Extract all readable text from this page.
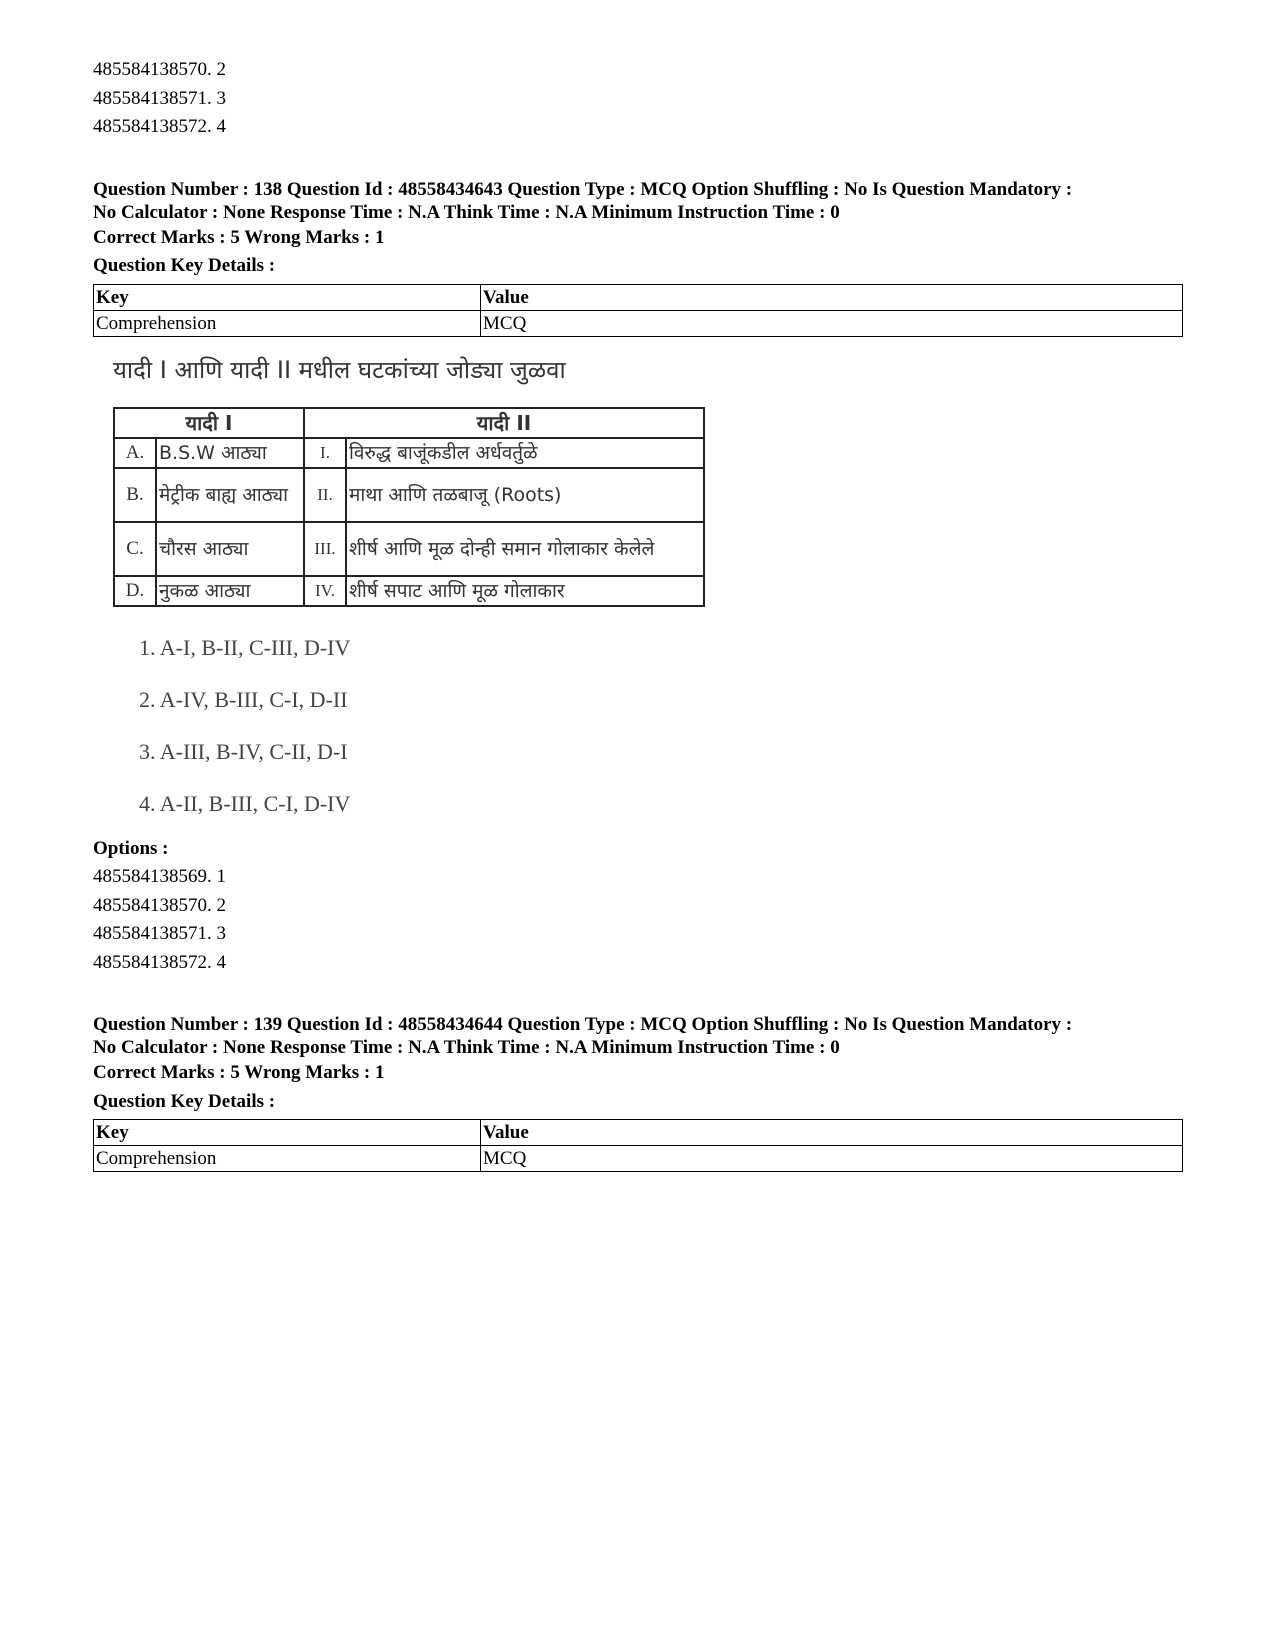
485584138570. 2
485584138571. 3
485584138572. 4
Question Number : 138 Question Id : 48558434643 Question Type : MCQ Option Shuffling : No Is Question Mandatory :
No Calculator : None Response Time : N.A Think Time : N.A Minimum Instruction Time : 0
Correct Marks : 5 Wrong Marks : 1
Question Key Details :
Key	Value
Comprehension	MCQ
यादी I आणि यादी II मधील घटकांच्या जोड्या जुळवा
यादी I		यादी II	
A.	B.S.W आठ्या	I.	विरुद्ध बाजूंकडील अर्धवर्तुळे
B.	मेट्रीक बाह्य आठ्या	II.	माथा आणि तळबाजू (Roots)
C.	चौरस आठ्या	III.	शीर्ष आणि मूळ दोन्ही समान गोलाकार केलेले
D.	नुकळ आठ्या	IV.	शीर्ष सपाट आणि मूळ गोलाकार
1. A-I, B-II, C-III, D-IV
2. A-IV, B-III, C-I, D-II
3. A-III, B-IV, C-II, D-I
4. A-II, B-III, C-I, D-IV
Options :
485584138569. 1
485584138570. 2
485584138571. 3
485584138572. 4
Question Number : 139 Question Id : 48558434644 Question Type : MCQ Option Shuffling : No Is Question Mandatory :
No Calculator : None Response Time : N.A Think Time : N.A Minimum Instruction Time : 0
Correct Marks : 5 Wrong Marks : 1
Question Key Details :
Key	Value
Comprehension	MCQ
